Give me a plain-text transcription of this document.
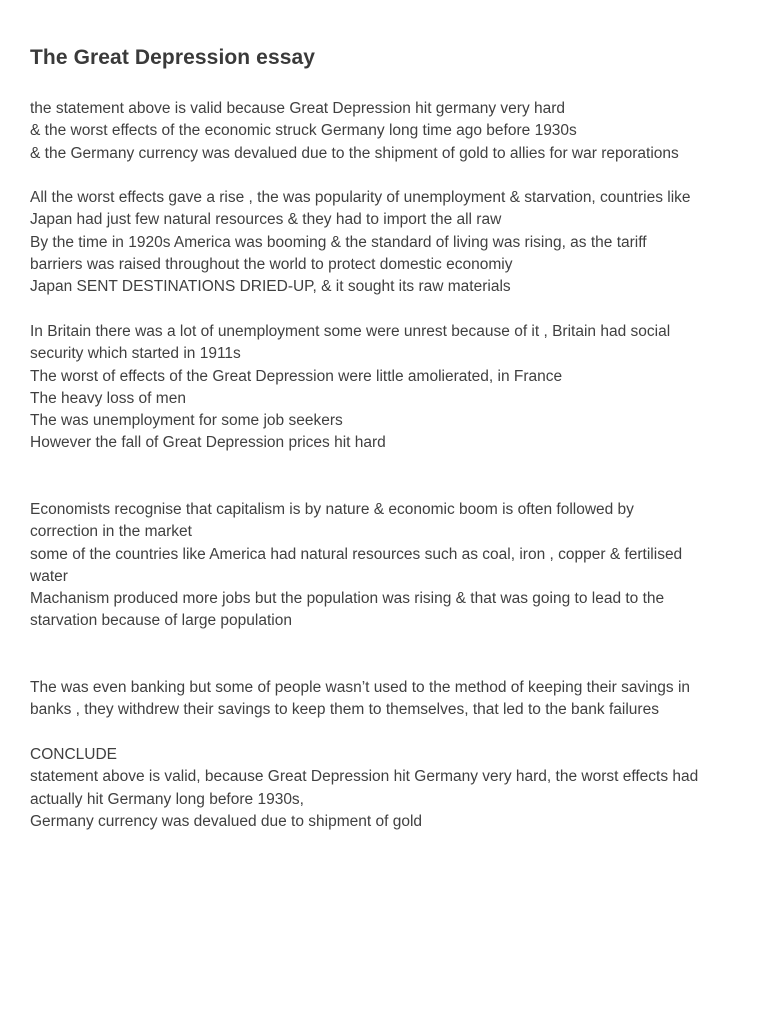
The Great Depression essay
the statement above is valid because Great Depression hit germany very hard
& the worst effects of the economic struck Germany long time ago before 1930s
& the Germany currency was devalued due to the shipment of gold to allies for war reporations
All the worst effects gave a rise , the was popularity of unemployment & starvation, countries like
Japan had just few natural resources & they had to import the all raw
By the time in 1920s America was booming & the standard of living was rising, as the tariff
barriers was raised throughout the world to protect domestic economiy
Japan SENT DESTINATIONS DRIED-UP, & it sought its raw materials
In Britain there was a lot of unemployment some were unrest because of it , Britain had social
security which started in 1911s
The worst of effects of the Great Depression were little amolierated, in France
The heavy loss of men
The was unemployment for some job seekers
However the fall of Great Depression prices hit hard
Economists recognise that capitalism is by nature & economic boom is often followed by
correction in the market
some of the countries like America had natural resources such as coal, iron , copper & fertilised
water
Machanism produced more jobs but the population was rising & that was going to lead to the
starvation because of large population
The was even banking but some of people wasn’t used to the method of keeping their savings in
banks , they withdrew their savings to keep them to themselves, that led to the bank failures
CONCLUDE
statement above is valid, because Great Depression hit Germany very hard, the worst effects had
actually hit Germany long before 1930s,
Germany currency was devalued due to shipment of gold
